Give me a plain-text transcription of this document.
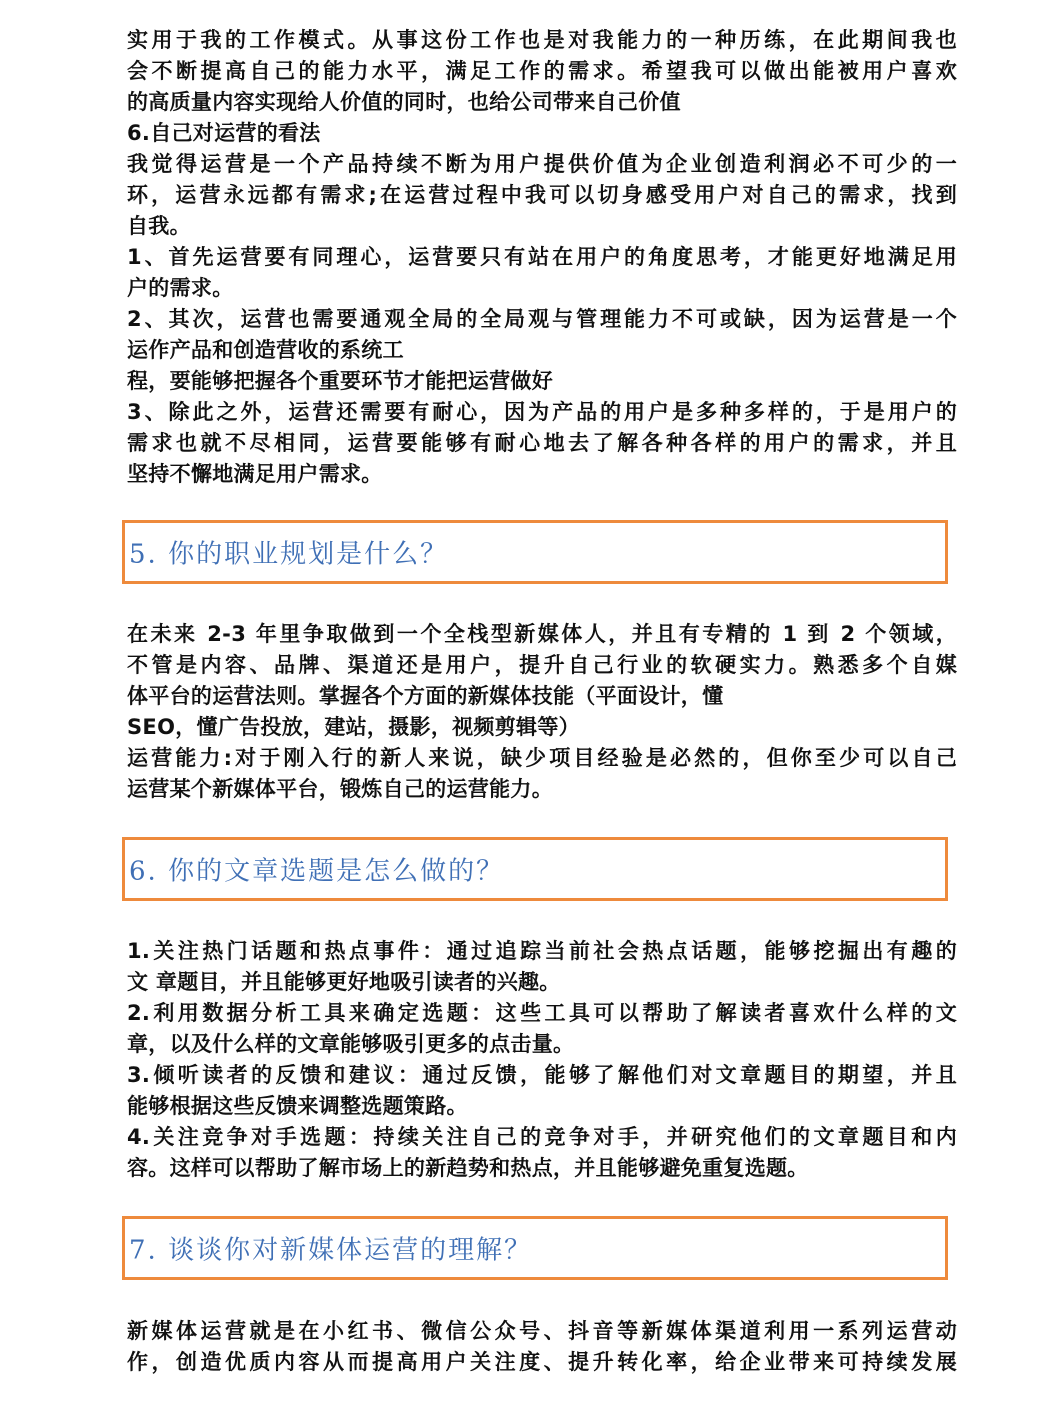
实用于我的工作模式。从事这份工作也是对我能力的一种历练，在此期间我也
会不断提高自己的能力水平，满足工作的需求。希望我可以做出能被用户喜欢
的高质量内容实现给人价值的同时，也给公司带来自己价值
6.自己对运营的看法
我觉得运营是一个产品持续不断为用户提供价值为企业创造利润必不可少的一
环，运营永远都有需求;在运营过程中我可以切身感受用户对自己的需求，找到
自我。
1、首先运营要有同理心，运营要只有站在用户的角度思考，才能更好地满足用
户的需求。
2、其次，运营也需要通观全局的全局观与管理能力不可或缺，因为运营是一个
运作产品和创造营收的系统工
程，要能够把握各个重要环节才能把运营做好
3、除此之外，运营还需要有耐心，因为产品的用户是多种多样的，于是用户的
需求也就不尽相同，运营要能够有耐心地去了解各种各样的用户的需求，并且
坚持不懈地满足用户需求。
5. 你的职业规划是什么？
在未来 2-3 年里争取做到一个全栈型新媒体人，并且有专精的 1 到 2 个领域，
不管是内容、品牌、渠道还是用户，提升自己行业的软硬实力。熟悉多个自媒
体平台的运营法则。掌握各个方面的新媒体技能（平面设计，懂
SEO，懂广告投放，建站，摄影，视频剪辑等）
运营能力:对于刚入行的新人来说，缺少项目经验是必然的，但你至少可以自己
运营某个新媒体平台，锻炼自己的运营能力。
6. 你的文章选题是怎么做的？
1.关注热门话题和热点事件：通过追踪当前社会热点话题，能够挖掘出有趣的
文 章题目，并且能够更好地吸引读者的兴趣。
2.利用数据分析工具来确定选题：这些工具可以帮助了解读者喜欢什么样的文
章，以及什么样的文章能够吸引更多的点击量。
3.倾听读者的反馈和建议：通过反馈，能够了解他们对文章题目的期望，并且
能够根据这些反馈来调整选题策路。
4.关注竞争对手选题：持续关注自己的竞争对手，并研究他们的文章题目和内
容。这样可以帮助了解市场上的新趋势和热点，并且能够避免重复选题。
7. 谈谈你对新媒体运营的理解？
新媒体运营就是在小红书、微信公众号、抖音等新媒体渠道利用一系列运营动
作，创造优质内容从而提高用户关注度、提升转化率，给企业带来可持续发展
